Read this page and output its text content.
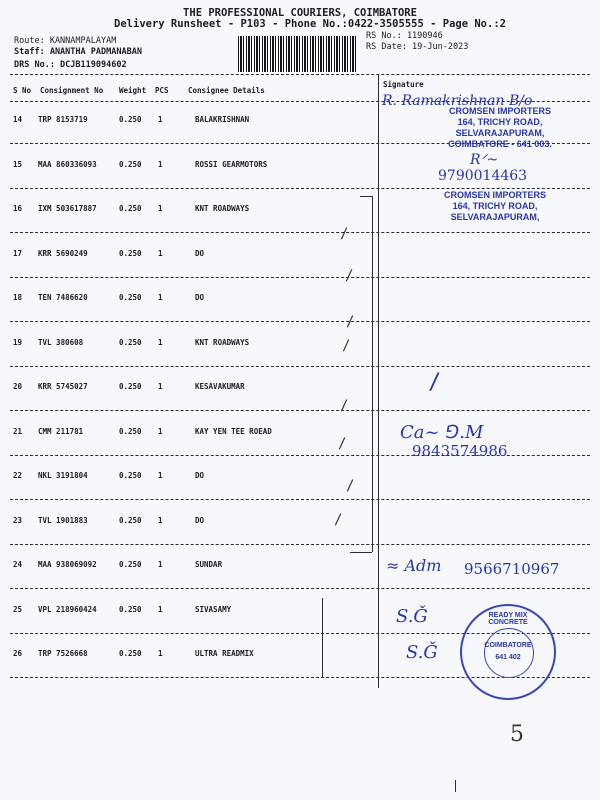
THE PROFESSIONAL COURIERS, COIMBATORE
Delivery Runsheet - P103 - Phone No.:0422-3505555 - Page No.:2
Route: KANNAMPALAYAM
Staff: ANANTHA PADMANABAN
DRS No.: DCJB119094602
RS No.: 1190946
RS Date: 19-Jun-2023
S No Consignment No Weight PCS	Consignee Details
Signature
14 TRP 8153719	0.250 1	BALAKRISHNAN
15 MAA 860336093	0.250 1	ROSSI GEARMOTORS
16 IXM 503617887	0.250 1	KNT ROADWAYS
17 KRR 5690249	0.250 1	DO
18 TEN 7486620	0.250 1	DO
19 TVL 380608	0.250 1	KNT ROADWAYS
20 KRR 5745027	0.250 1	KESAVAKUMAR
21 CMM 211781	0.250 1	KAY YEN TEE ROEAD
22 NKL 3191804	0.250 1	DO
23 TVL 1901883	0.250 1	DO
24 MAA 938069092	0.250 1	SUNDAR
25 VPL 218960424	0.250 1	SIVASAMY
26 TRP 7526668	0.250 1	ULTRA READMIX
/
/
/
/
/
/
/
/
/
R. Ramakrishnan B/o
CROMSEN IMPORTERS
164, TRICHY ROAD,
SELVARAJAPURAM,
COIMBATORE - 641 003.
9790014463
Rᐟ~
CROMSEN IMPORTERS
164, TRICHY ROAD,
SELVARAJAPURAM,
Ca~ ⅁.M
9843574986
≈ Adm 9566710967
S.Ǧ
S.Ǧ
READY MIX CONCRETE
COIMBATORE
641 402
5
